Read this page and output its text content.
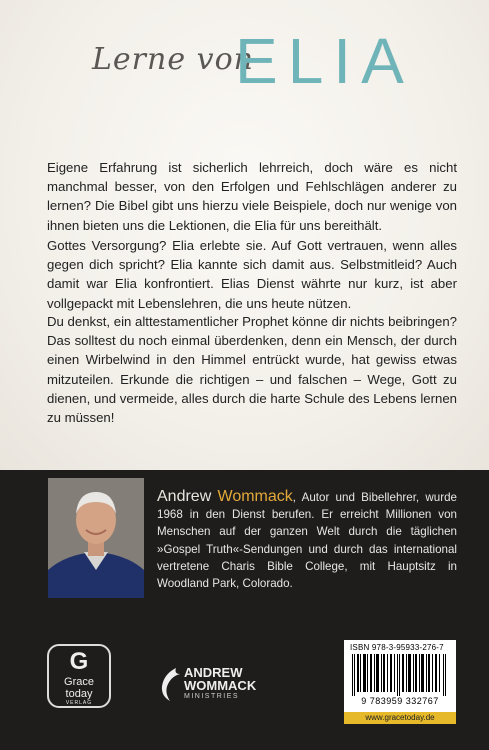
Lerne von
ELIA

Eigene Erfahrung ist sicherlich lehrreich, doch wäre es nicht manchmal besser, von den Erfolgen und Fehlschlägen anderer zu lernen? Die Bibel gibt uns hierzu viele Beispiele, doch nur wenige von ihnen bieten uns die Lektionen, die Elia für uns bereithält.

Gottes Versorgung? Elia erlebte sie. Auf Gott vertrauen, wenn alles gegen dich spricht? Elia kannte sich damit aus. Selbstmitleid? Auch damit war Elia konfrontiert. Elias Dienst währte nur kurz, ist aber vollgepackt mit Lebenslehren, die uns heute nützen.

Du denkst, ein alttestamentlicher Prophet könne dir nichts beibringen? Das solltest du noch einmal überdenken, denn ein Mensch, der durch einen Wirbelwind in den Himmel entrückt wurde, hat gewiss etwas mitzuteilen. Erkunde die richtigen – und falschen – Wege, Gott zu dienen, und vermeide, alles durch die harte Schule des Lebens lernen zu müssen!

Andrew Wommack, Autor und Bibellehrer, wurde 1968 in den Dienst berufen. Er erreicht Millionen von Menschen auf der ganzen Welt durch die täglichen »Gospel Truth«-Sendungen und durch das international vertretene Charis Bible College, mit Hauptsitz in Woodland Park, Colorado.
G
Grace
today
VERLAG
ANDREW
WOMMACK
MINISTRIES
ISBN 978-3-95933-276-7
9 783959 332767
www.gracetoday.de
